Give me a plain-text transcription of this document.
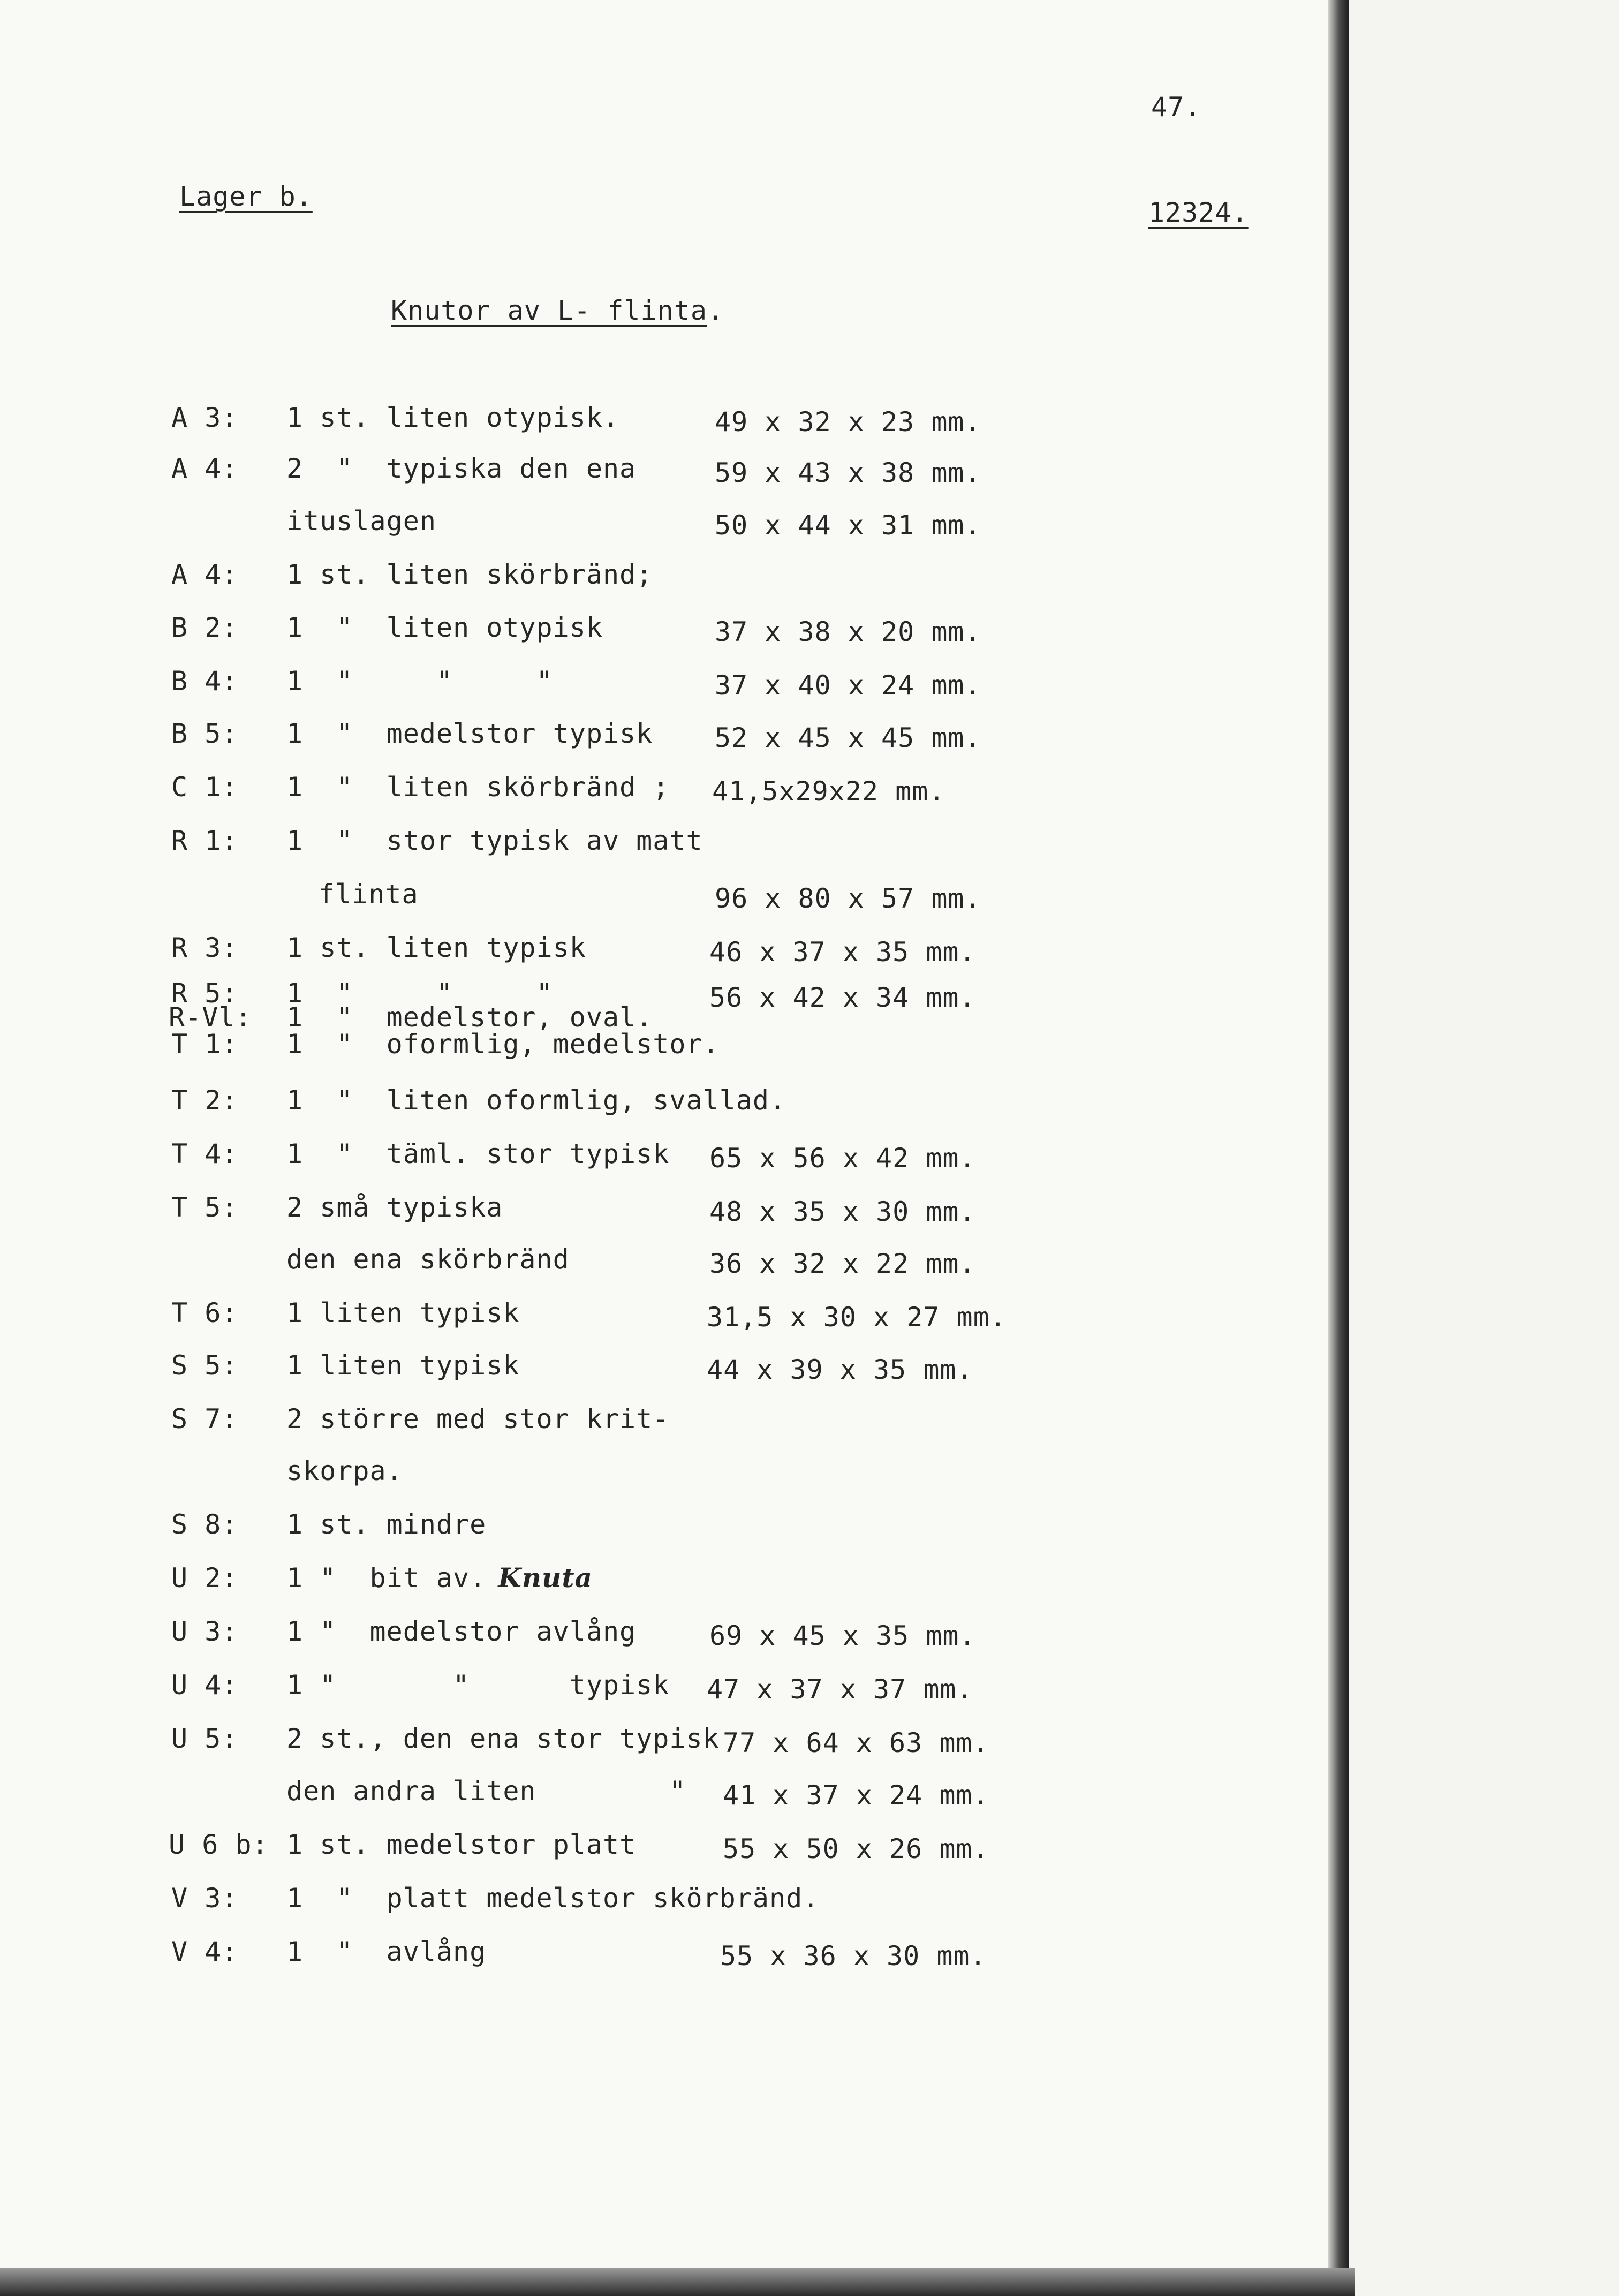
47.
Lager b.
12324.
Knutor av L- flinta.
A 3: 1 st. liten otypisk.	49 x 32 x 23 mm.
A 4: 2  "  typiska den ena	59 x 43 x 38 mm.
ituslagen	50 x 44 x 31 mm.
A 4: 1 st. liten skörbränd;
B 2: 1  "  liten otypisk	37 x 38 x 20 mm.
B 4: 1  "     "     "	37 x 40 x 24 mm.
B 5: 1  "  medelstor typisk 52 x 45 x 45 mm.
C 1: 1  "  liten skörbränd ; 41,5x29x22 mm.
R 1: 1  "  stor typisk av matt
flinta	96 x 80 x 57 mm.
R 3: 1 st. liten typisk	46 x 37 x 35 mm.
R 5: 1  "     "     "	56 x 42 x 34 mm.
R-Vl: 1  "  medelstor, oval.
T 1: 1  "  oformlig, medelstor.
T 2: 1  "  liten oformlig, svallad.
T 4: 1  "  täml. stor typisk 65 x 56 x 42 mm.
T 5: 2 små typiska	48 x 35 x 30 mm.
den ena skörbränd	36 x 32 x 22 mm.
T 6: 1 liten typisk	31,5 x 30 x 27 mm.
S 5: 1 liten typisk	44 x 39 x 35 mm.
S 7: 2 större med stor krit-
skorpa.
S 8: 1 st. mindre
U 2: 1 "  bit av. Knuta
U 3: 1 "  medelstor avlång	69 x 45 x 35 mm.
U 4: 1 "       "      typisk 47 x 37 x 37 mm.
U 5: 2 st., den ena stor typisk 77 x 64 x 63 mm.
den andra liten        " 41 x 37 x 24 mm.
U 6 b: 1 st. medelstor platt	55 x 50 x 26 mm.
V 3: 1  "  platt medelstor skörbränd.
V 4: 1  "  avlång	55 x 36 x 30 mm.
